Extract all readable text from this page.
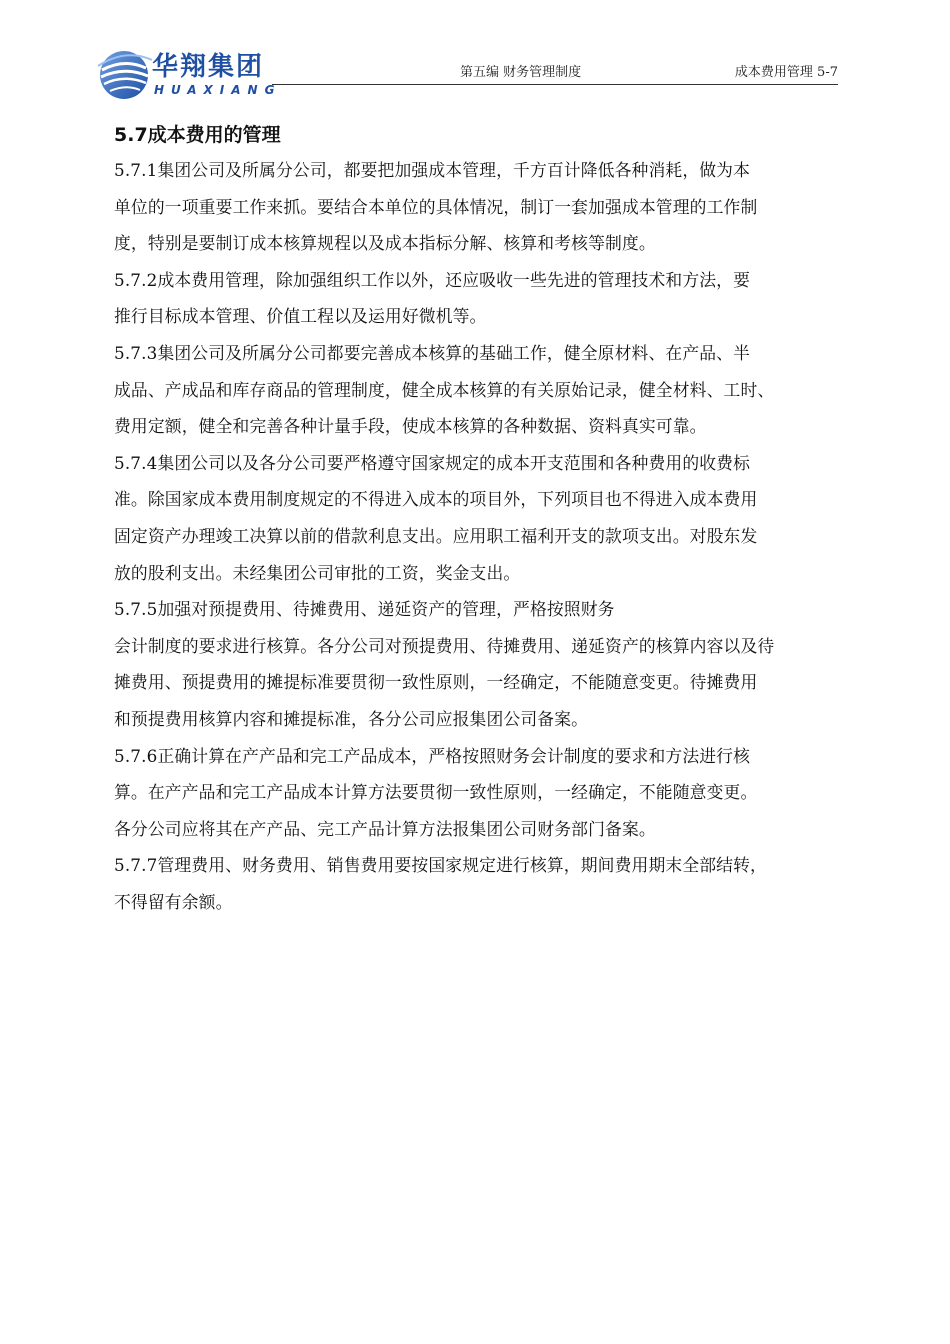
华翔集团
HUAXIANG
第五编 财务管理制度	成本费用管理 5-7
5.7成本费用的管理
5.7.1集团公司及所属分公司，都要把加强成本管理，千方百计降低各种消耗，做为本
单位的一项重要工作来抓。要结合本单位的具体情况，制订一套加强成本管理的工作制
度，特别是要制订成本核算规程以及成本指标分解、核算和考核等制度。
5.7.2成本费用管理，除加强组织工作以外，还应吸收一些先进的管理技术和方法，要
推行目标成本管理、价值工程以及运用好微机等。
5.7.3集团公司及所属分公司都要完善成本核算的基础工作，健全原材料、在产品、半
成品、产成品和库存商品的管理制度，健全成本核算的有关原始记录，健全材料、工时、
费用定额，健全和完善各种计量手段，使成本核算的各种数据、资料真实可靠。
5.7.4集团公司以及各分公司要严格遵守国家规定的成本开支范围和各种费用的收费标
准。除国家成本费用制度规定的不得进入成本的项目外，下列项目也不得进入成本费用
固定资产办理竣工决算以前的借款利息支出。应用职工福利开支的款项支出。对股东发
放的股利支出。未经集团公司审批的工资，奖金支出。
5.7.5加强对预提费用、待摊费用、递延资产的管理，严格按照财务
会计制度的要求进行核算。各分公司对预提费用、待摊费用、递延资产的核算内容以及待
摊费用、预提费用的摊提标准要贯彻一致性原则，一经确定，不能随意变更。待摊费用
和预提费用核算内容和摊提标准，各分公司应报集团公司备案。
5.7.6正确计算在产产品和完工产品成本，严格按照财务会计制度的要求和方法进行核
算。在产产品和完工产品成本计算方法要贯彻一致性原则，一经确定，不能随意变更。
各分公司应将其在产产品、完工产品计算方法报集团公司财务部门备案。
5.7.7管理费用、财务费用、销售费用要按国家规定进行核算，期间费用期末全部结转，
不得留有余额。
